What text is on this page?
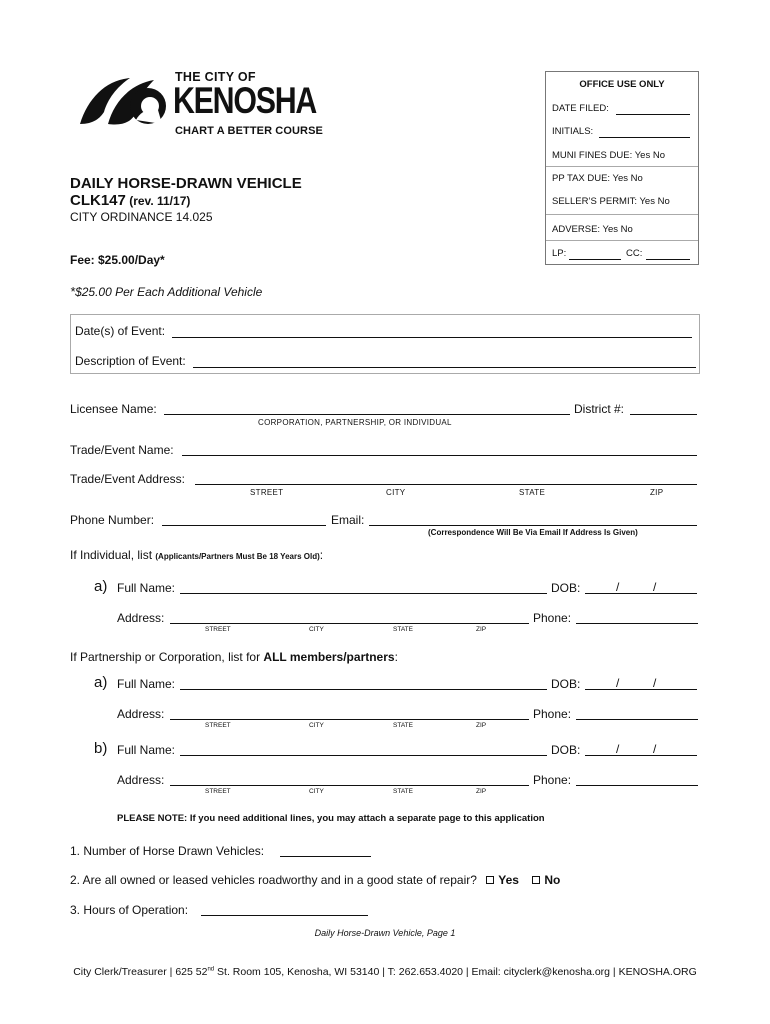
THE CITY OF
KENOSHA
CHART A BETTER COURSE
OFFICE USE ONLY
DATE FILED:
INITIALS:
MUNI FINES DUE: Yes No
PP TAX DUE: Yes No
SELLER’S PERMIT: Yes No
ADVERSE: Yes No
LP:	CC:
DAILY HORSE-DRAWN VEHICLE
CLK147 (rev. 11/17)
CITY ORDINANCE 14.025
Fee: $25.00/Day*
*$25.00 Per Each Additional Vehicle
Date(s) of Event:
Description of Event:
Licensee Name:
CORPORATION, PARTNERSHIP, OR INDIVIDUAL
District #:
Trade/Event Name:
Trade/Event Address:
STREET	CITY	STATE	ZIP
Phone Number:	Email:
(Correspondence Will Be Via Email If Address Is Given)
If Individual, list (Applicants/Partners Must Be 18 Years Old):
a) Full Name:	DOB:	/	/
Address:
STREET	CITY	STATE	ZIP
Phone:
If Partnership or Corporation, list for ALL members/partners:
a) Full Name:	DOB:	/	/
Address:
STREET	CITY	STATE	ZIP
Phone:
b) Full Name:	DOB:	/	/
Address:
STREET	CITY	STATE	ZIP
Phone:
PLEASE NOTE: If you need additional lines, you may attach a separate page to this application
1. Number of Horse Drawn Vehicles:
2. Are all owned or leased vehicles roadworthy and in a good state of repair? Yes No
3. Hours of Operation:
Daily Horse-Drawn Vehicle, Page 1
City Clerk/Treasurer | 625 52nd St. Room 105, Kenosha, WI 53140 | T: 262.653.4020 | Email: cityclerk@kenosha.org | KENOSHA.ORG
